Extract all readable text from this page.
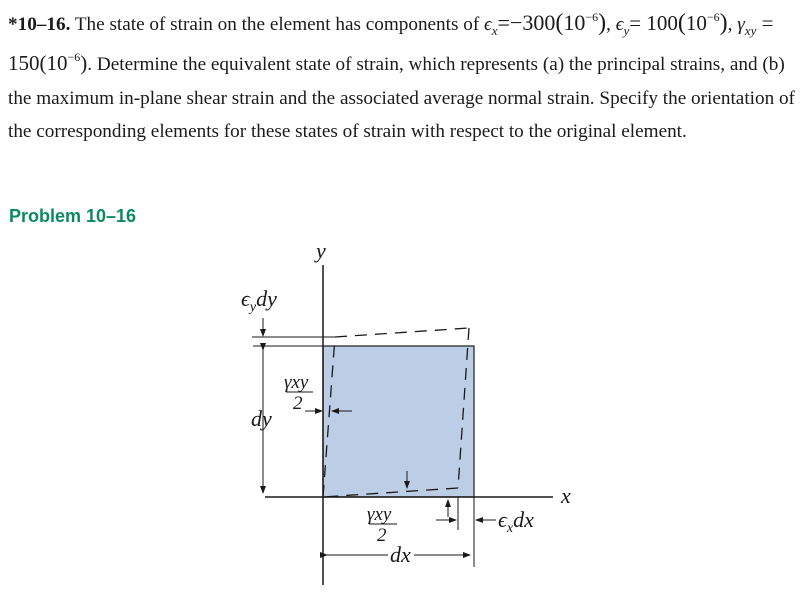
*10–16. The state of strain on the element has components of $\epsilon_x=-300(10^{-6})$, $\epsilon_y= 100(10^{-6})$, $\gamma_{xy} = 150(10^{-6})$. Determine the equivalent state of strain, which represents (a) the principal strains, and (b) the maximum in-plane shear strain and the associated average normal strain. Specify the orientation of the corresponding elements for these states of strain with respect to the original element.

Problem 10–16
y
x
dy
$\epsilon_ydy$
γxy
2
γxy
2
$\epsilon_xdx$
dx
